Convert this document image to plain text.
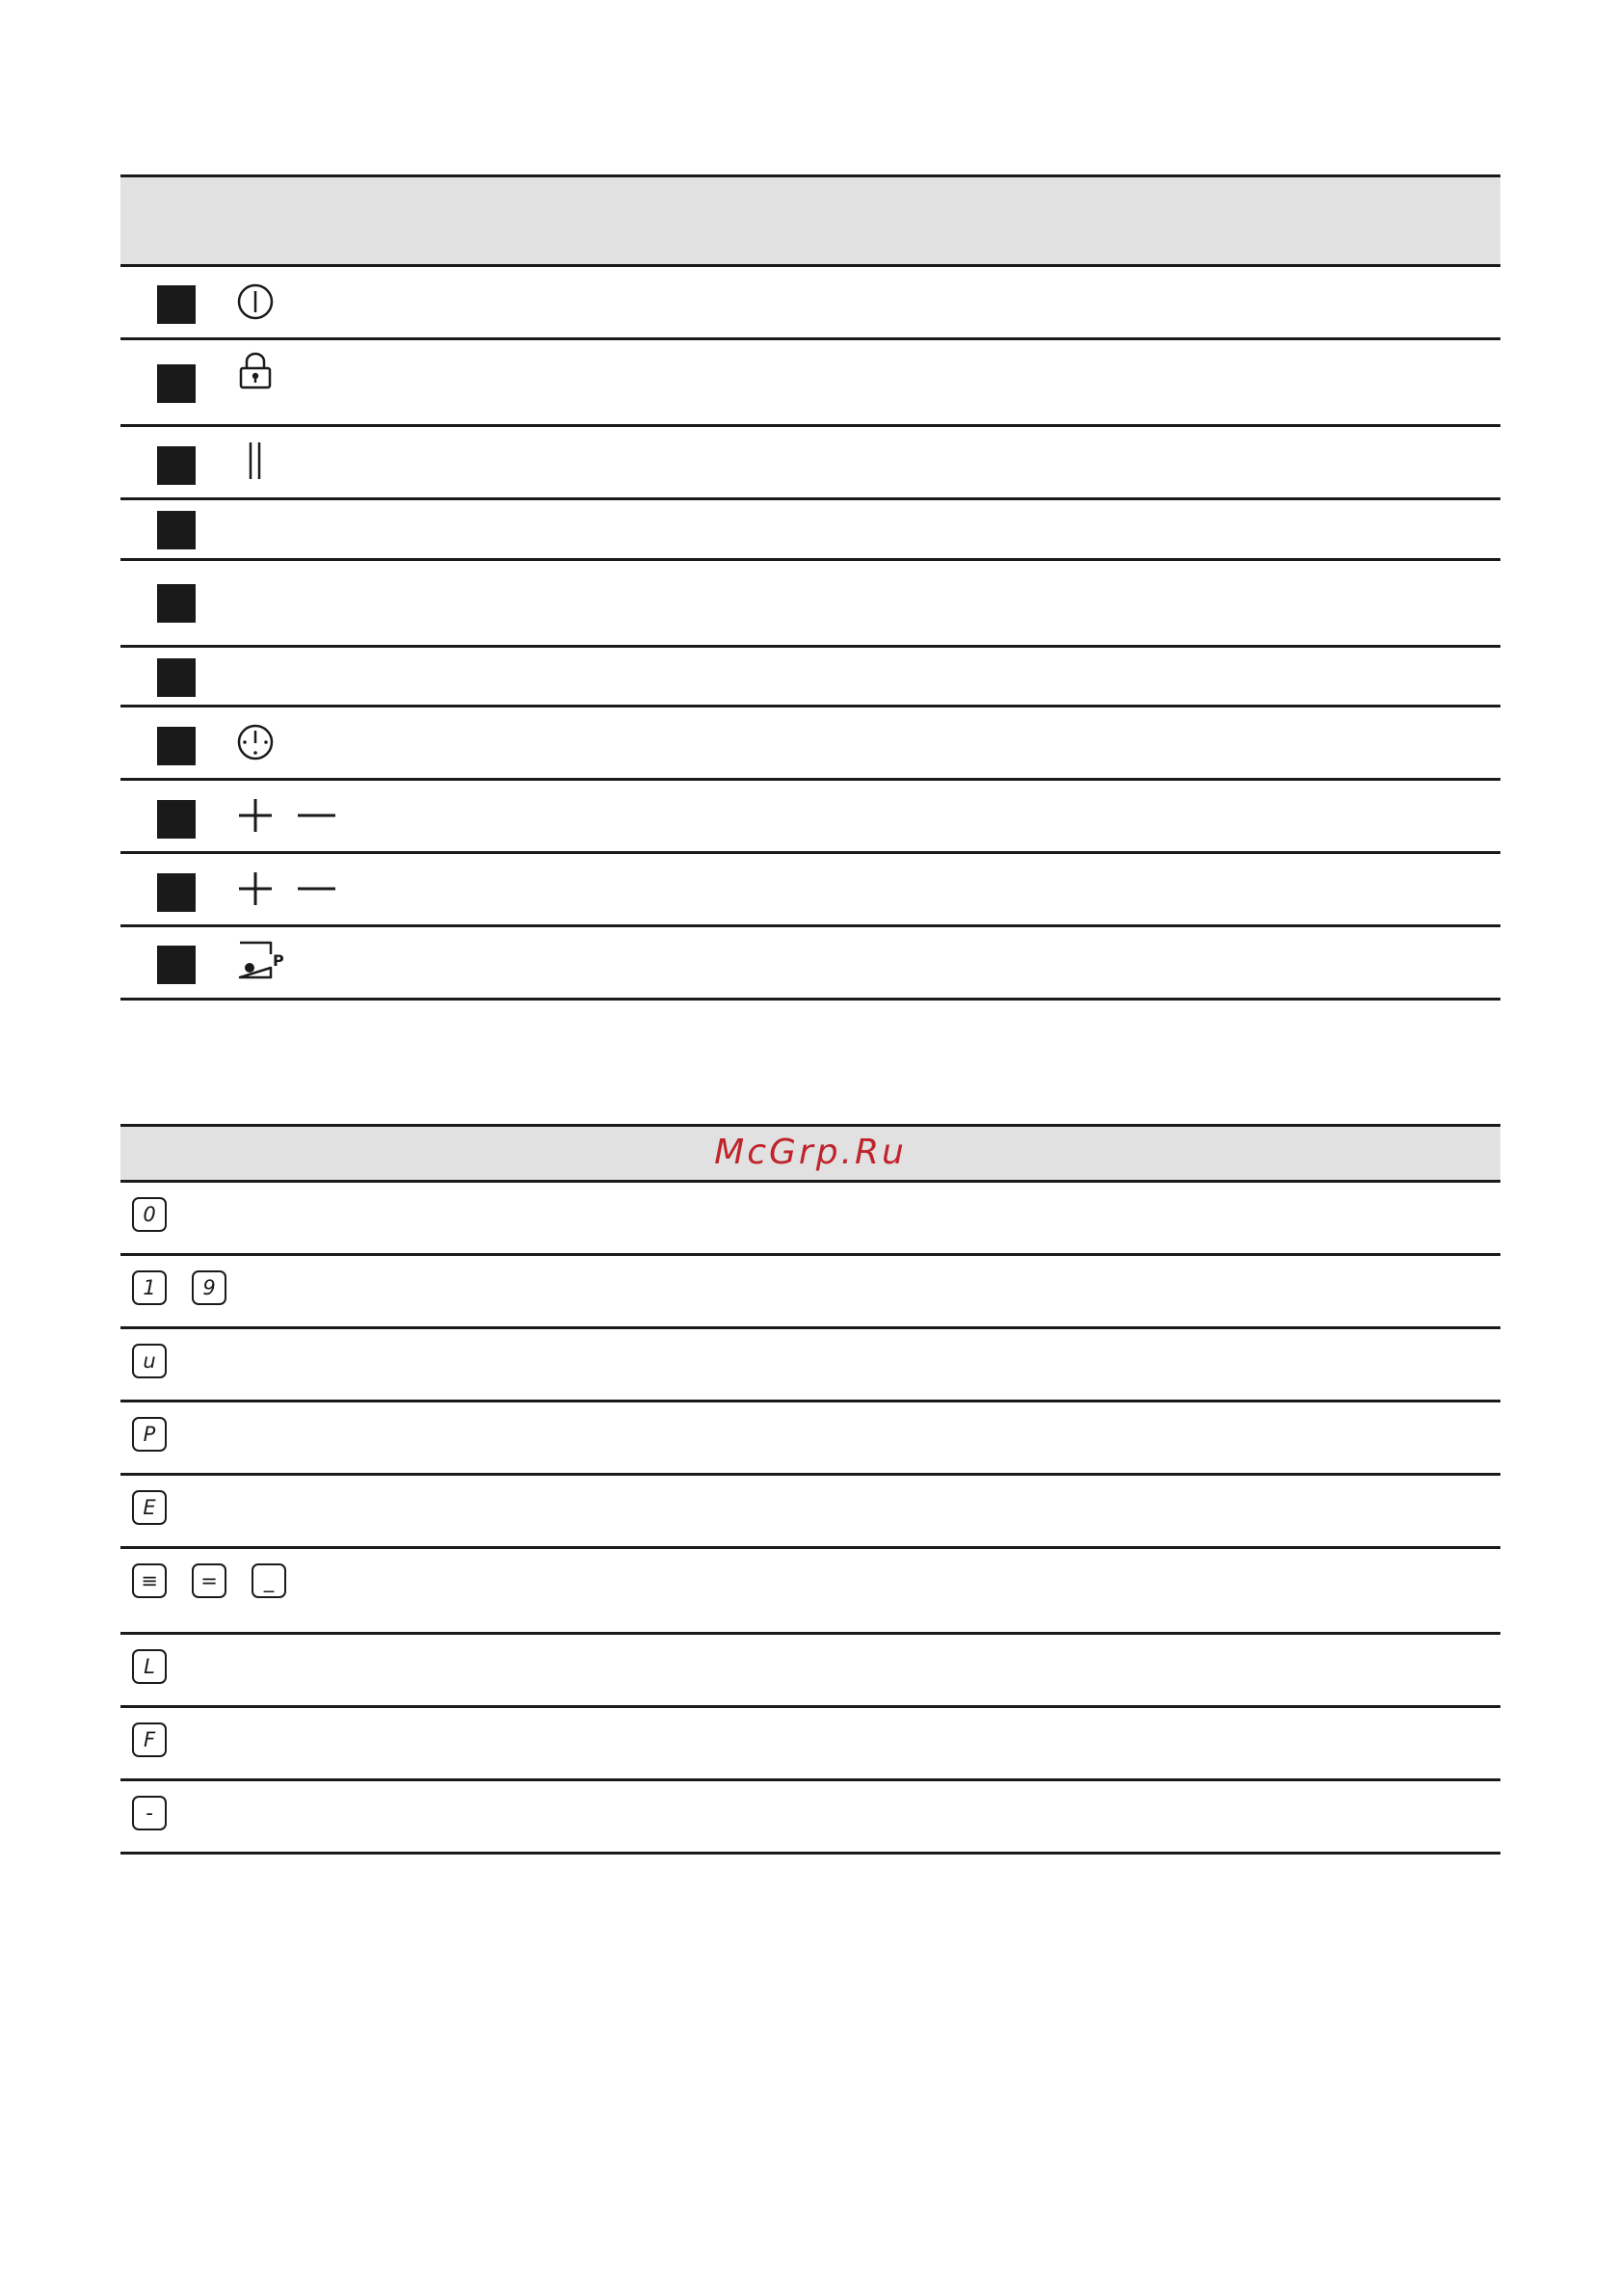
P
McGrp.Ru
0
1	9
u
P
E
≡	=	_
L
F
-
